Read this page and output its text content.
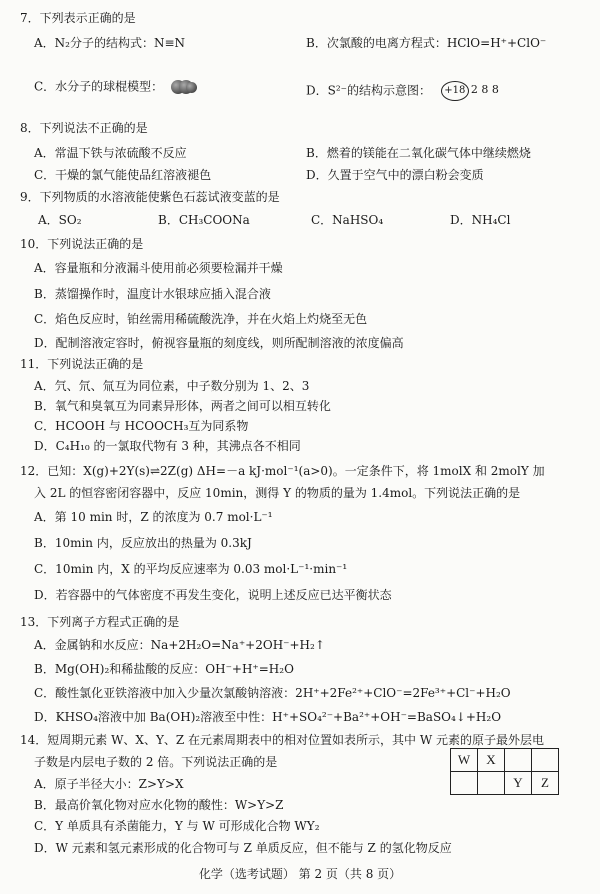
7．下列表示正确的是
A．N₂分子的结构式：N≡N	B．次氯酸的电离方程式：HClO=H⁺+ClO⁻
C．水分子的球棍模型：	D．S²⁻的结构示意图：	+18 2 8 8
8．下列说法不正确的是
A．常温下铁与浓硫酸不反应	B．燃着的镁能在二氧化碳气体中继续燃烧
C．干燥的氯气能使品红溶液褪色	D．久置于空气中的漂白粉会变质
9．下列物质的水溶液能使紫色石蕊试液变蓝的是
A．SO₂	B．CH₃COONa	C．NaHSO₄	D．NH₄Cl
10．下列说法正确的是
A．容量瓶和分液漏斗使用前必须要检漏并干燥
B．蒸馏操作时，温度计水银球应插入混合液
C．焰色反应时，铂丝需用稀硫酸洗净，并在火焰上灼烧至无色
D．配制溶液定容时，俯视容量瓶的刻度线，则所配制溶液的浓度偏高
11．下列说法正确的是
A．氕、氘、氚互为同位素，中子数分别为 1、2、3
B．氧气和臭氧互为同素异形体，两者之间可以相互转化
C．HCOOH 与 HCOOCH₃互为同系物
D．C₄H₁₀ 的一氯取代物有 3 种，其沸点各不相同
12．已知：X(g)+2Y(s)⇌2Z(g) ΔH=－a kJ·mol⁻¹(a>0)。一定条件下，将 1molX 和 2molY 加
入 2L 的恒容密闭容器中，反应 10min，测得 Y 的物质的量为 1.4mol。下列说法正确的是
A．第 10 min 时，Z 的浓度为 0.7 mol·L⁻¹
B．10min 内，反应放出的热量为 0.3kJ
C．10min 内，X 的平均反应速率为 0.03 mol·L⁻¹·min⁻¹
D．若容器中的气体密度不再发生变化，说明上述反应已达平衡状态
13．下列离子方程式正确的是
A．金属钠和水反应：Na+2H₂O=Na⁺+2OH⁻+H₂↑
B．Mg(OH)₂和稀盐酸的反应：OH⁻+H⁺=H₂O
C．酸性氯化亚铁溶液中加入少量次氯酸钠溶液：2H⁺+2Fe²⁺+ClO⁻=2Fe³⁺+Cl⁻+H₂O
D．KHSO₄溶液中加 Ba(OH)₂溶液至中性：H⁺+SO₄²⁻+Ba²⁺+OH⁻=BaSO₄↓+H₂O
14．短周期元素 W、X、Y、Z 在元素周期表中的相对位置如表所示，其中 W 元素的原子最外层电
子数是内层电子数的 2 倍。下列说法正确的是
A．原子半径大小：Z>Y>X
B．最高价氧化物对应水化物的酸性：W>Y>Z
C．Y 单质具有杀菌能力，Y 与 W 可形成化合物 WY₂
D．W 元素和氢元素形成的化合物可与 Z 单质反应，但不能与 Z 的氢化物反应
W	X		
		Y	Z
化学（选考试题） 第 2 页（共 8 页）
